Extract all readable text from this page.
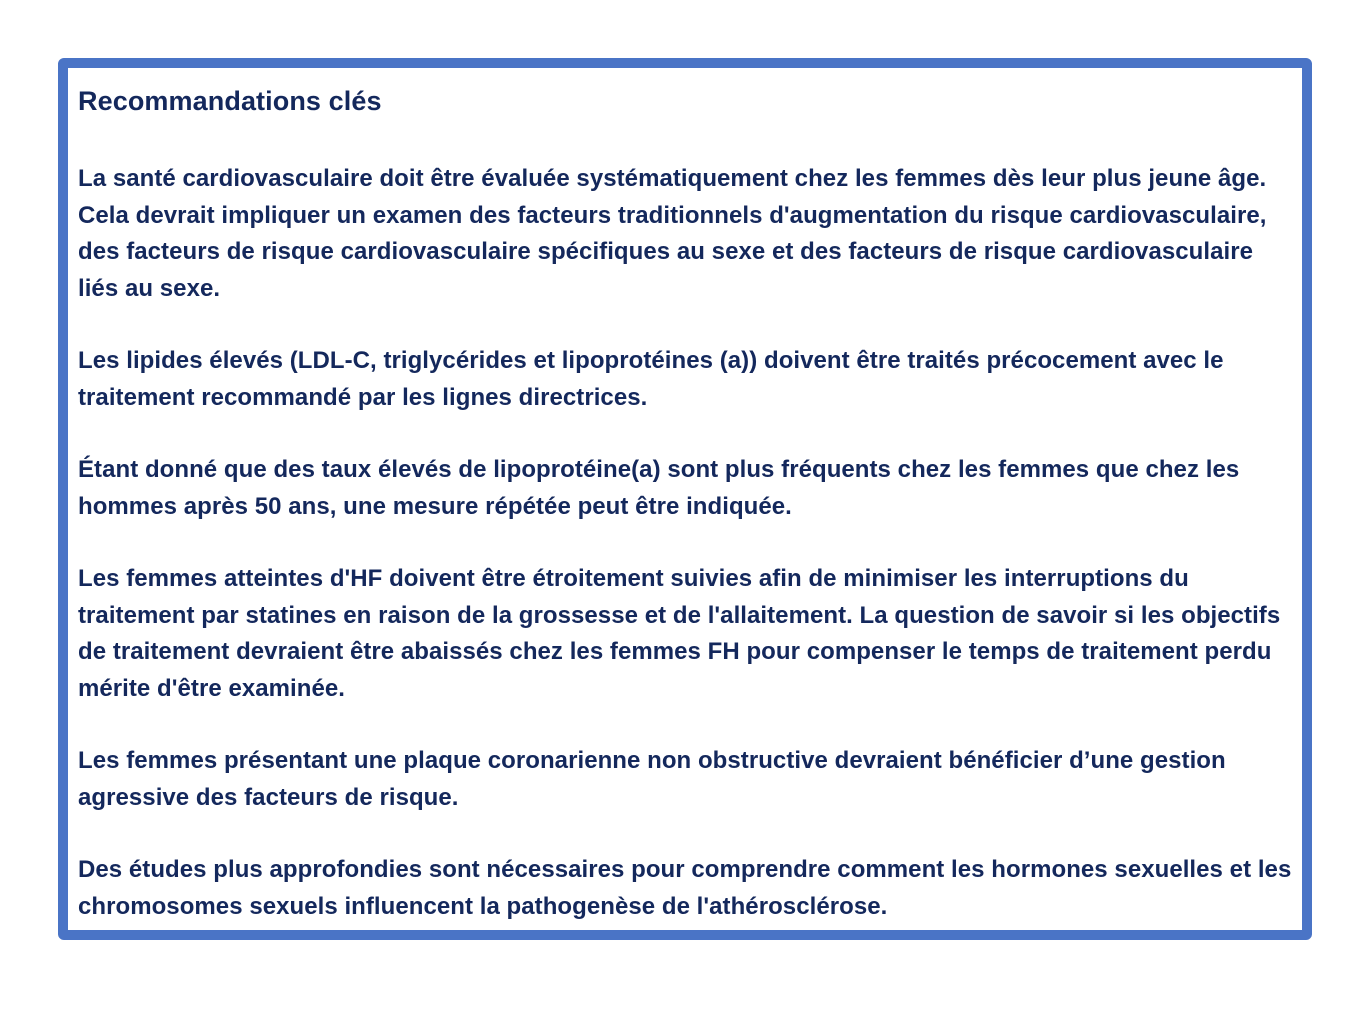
Recommandations clés

La santé cardiovasculaire doit être évaluée systématiquement chez les femmes dès leur plus jeune âge. Cela devrait impliquer un examen des facteurs traditionnels d'augmentation du risque cardiovasculaire, des facteurs de risque cardiovasculaire spécifiques au sexe et des facteurs de risque cardiovasculaire liés au sexe.

Les lipides élevés (LDL-C, triglycérides et lipoprotéines (a)) doivent être traités précocement avec le traitement recommandé par les lignes directrices.

Étant donné que des taux élevés de lipoprotéine(a) sont plus fréquents chez les femmes que chez les hommes après 50 ans, une mesure répétée peut être indiquée.

Les femmes atteintes d'HF doivent être étroitement suivies afin de minimiser les interruptions du traitement par statines en raison de la grossesse et de l'allaitement. La question de savoir si les objectifs de traitement devraient être abaissés chez les femmes FH pour compenser le temps de traitement perdu mérite d'être examinée.

Les femmes présentant une plaque coronarienne non obstructive devraient bénéficier d’une gestion agressive des facteurs de risque.

Des études plus approfondies sont nécessaires pour comprendre comment les hormones sexuelles et les chromosomes sexuels influencent la pathogenèse de l'athérosclérose.
